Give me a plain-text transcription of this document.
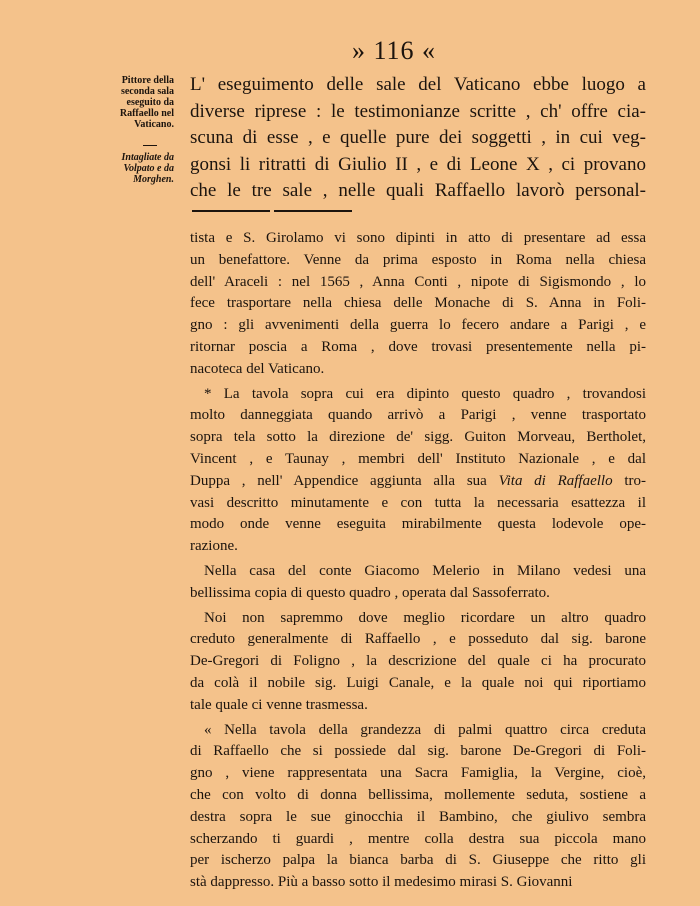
» 116 «
Pittore della seconda sala eseguito da Raffaello nel Vaticano.
Intagliate da Volpato e da Morghen.
L' eseguimento delle sale del Vaticano ebbe luogo a
diverse riprese : le testimonianze scritte , ch' offre cia-
scuna di esse , e quelle pure dei soggetti , in cui veg-
gonsi li ritratti di Giulio II , e di Leone X , ci provano
che le tre sale , nelle quali Raffaello lavorò personal-
tista e S. Girolamo vi sono dipinti in atto di presentare ad essa
un benefattore. Venne da prima esposto in Roma nella chiesa
dell' Araceli : nel 1565 , Anna Conti , nipote di Sigismondo , lo
fece trasportare nella chiesa delle Monache di S. Anna in Foli-
gno : gli avvenimenti della guerra lo fecero andare a Parigi , e
ritornar poscia a Roma , dove trovasi presentemente nella pi-
nacoteca del Vaticano.
* La tavola sopra cui era dipinto questo quadro , trovandosi
molto danneggiata quando arrivò a Parigi , venne trasportato
sopra tela sotto la direzione de' sigg. Guiton Morveau, Bertholet,
Vincent , e Taunay , membri dell' Instituto Nazionale , e dal
Duppa , nell' Appendice aggiunta alla sua Vita di Raffaello tro-
vasi descritto minutamente e con tutta la necessaria esattezza il
modo onde venne eseguita mirabilmente questa lodevole ope-
razione.
Nella casa del conte Giacomo Melerio in Milano vedesi una
bellissima copia di questo quadro , operata dal Sassoferrato.
Noi non sapremmo dove meglio ricordare un altro quadro
creduto generalmente di Raffaello , e posseduto dal sig. barone
De-Gregori di Foligno , la descrizione del quale ci ha procurato
da colà il nobile sig. Luigi Canale, e la quale noi qui riportiamo
tale quale ci venne trasmessa.
« Nella tavola della grandezza di palmi quattro circa creduta
di Raffaello che si possiede dal sig. barone De-Gregori di Foli-
gno , viene rappresentata una Sacra Famiglia, la Vergine, cioè,
che con volto di donna bellissima, mollemente seduta, sostiene a
destra sopra le sue ginocchia il Bambino, che giulivo sembra
scherzando ti guardi , mentre colla destra sua piccola mano
per ischerzo palpa la bianca barba di S. Giuseppe che ritto gli
stà dappresso. Più a basso sotto il medesimo mirasi S. Giovanni
